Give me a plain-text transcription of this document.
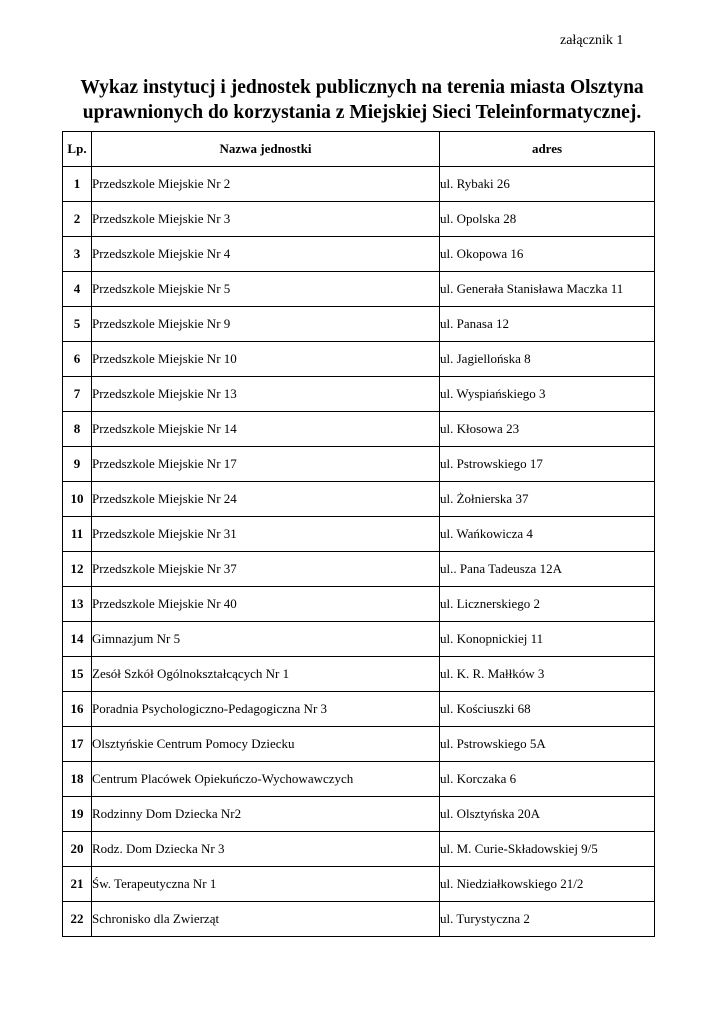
załącznik 1
Wykaz instytucj i jednostek publicznych na terenia miasta Olsztyna
uprawnionych do korzystania z Miejskiej Sieci Teleinformatycznej.
Lp.	Nazwa jednostki	adres
1	Przedszkole Miejskie Nr 2	ul. Rybaki 26
2	Przedszkole Miejskie Nr 3	ul. Opolska 28
3	Przedszkole Miejskie Nr 4	ul. Okopowa 16
4	Przedszkole Miejskie Nr 5	ul. Generała Stanisława Maczka 11
5	Przedszkole Miejskie Nr 9	ul. Panasa 12
6	Przedszkole Miejskie Nr 10	ul. Jagiellońska 8
7	Przedszkole Miejskie Nr 13	ul. Wyspiańskiego 3
8	Przedszkole Miejskie Nr 14	ul. Kłosowa 23
9	Przedszkole Miejskie Nr 17	ul. Pstrowskiego 17
10	Przedszkole Miejskie Nr 24	ul. Żołnierska 37
11	Przedszkole Miejskie Nr 31	ul. Wańkowicza 4
12	Przedszkole Miejskie Nr 37	ul.. Pana Tadeusza 12A
13	Przedszkole Miejskie Nr 40	ul. Licznerskiego 2
14	Gimnazjum Nr 5	ul. Konopnickiej 11
15	Zesół Szkół Ogólnokształcących Nr 1	ul. K. R. Małłków 3
16	Poradnia Psychologiczno-Pedagogiczna Nr 3	ul. Kościuszki 68
17	Olsztyńskie Centrum Pomocy Dziecku	ul. Pstrowskiego 5A
18	Centrum Placówek Opiekuńczo-Wychowawczych	ul. Korczaka 6
19	Rodzinny Dom Dziecka Nr2	ul. Olsztyńska 20A
20	Rodz. Dom Dziecka Nr 3	ul. M. Curie-Składowskiej 9/5
21	Św. Terapeutyczna Nr 1	ul. Niedziałkowskiego 21/2
22	Schronisko dla Zwierząt	ul. Turystyczna 2
